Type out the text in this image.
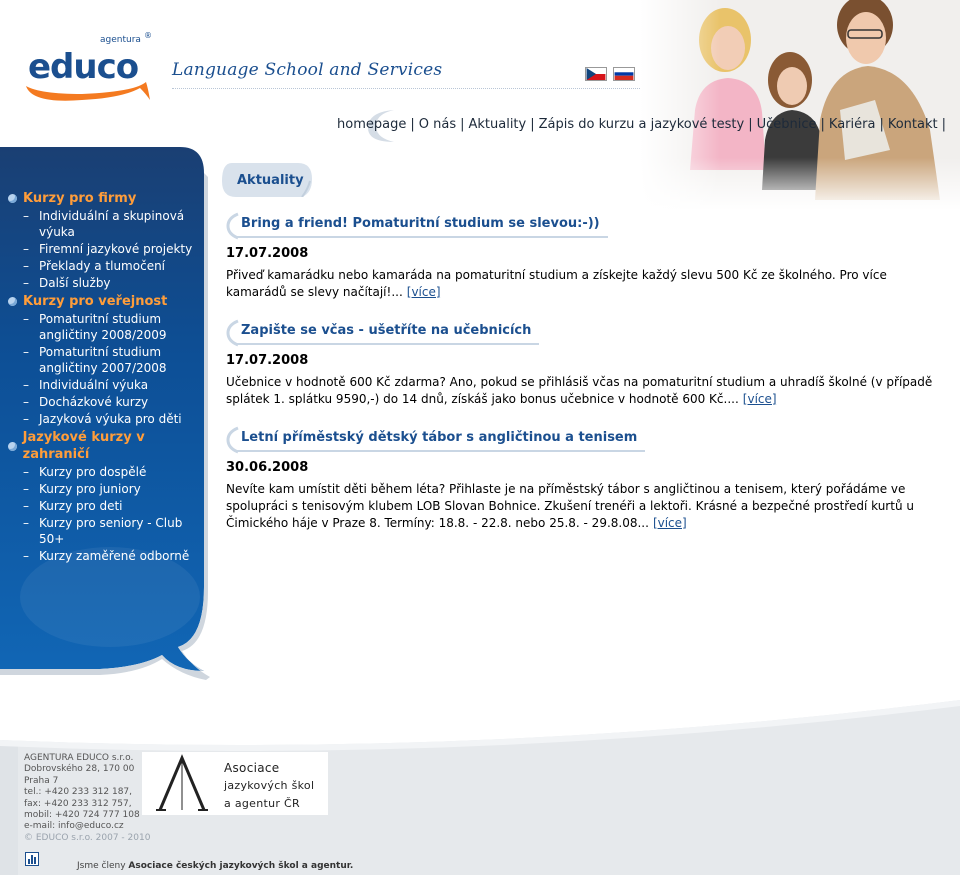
agentura
educo
®
Language School and Services
homepage | O nás | Aktuality | Zápis do kurzu a jazykové testy | Učebnice | Kariéra | Kontakt |
Kurzy pro firmy
– Individuální a skupinová výuka
– Firemní jazykové projekty
– Překlady a tlumočení
– Další služby
Kurzy pro veřejnost
– Pomaturitní studium angličtiny 2008/2009
– Pomaturitní studium angličtiny 2007/2008
– Individuální výuka
– Docházkové kurzy
– Jazyková výuka pro děti
Jazykové kurzy v zahraničí
– Kurzy pro dospělé
– Kurzy pro juniory
– Kurzy pro deti
– Kurzy pro seniory - Club 50+
– Kurzy zaměřené odborně
Aktuality
Bring a friend! Pomaturitní studium se slevou:-))
17.07.2008
Přiveď kamarádku nebo kamaráda na pomaturitní studium a získejte každý slevu 500 Kč ze školného. Pro více kamarádů se slevy načítají!... [více]
Zapište se včas - ušetříte na učebnicích
17.07.2008
Učebnice v hodnotě 600 Kč zdarma? Ano, pokud se přihlásiš včas na pomaturitní studium a uhradíš školné (v případě splátek 1. splátku 9590,-) do 14 dnů, získáš jako bonus učebnice v hodnotě 600 Kč.... [více]
Letní příměstský dětský tábor s angličtinou a tenisem
30.06.2008
Nevíte kam umístit děti během léta? Přihlaste je na příměstský tábor s angličtinou a tenisem, který pořádáme ve spolupráci s tenisovým klubem LOB Slovan Bohnice. Zkušení trenéři a lektoři. Krásné a bezpečné prostředí kurtů u Čimického háje v Praze 8. Termíny: 18.8. - 22.8. nebo 25.8. - 29.8.08... [více]
AGENTURA EDUCO s.r.o.
Dobrovského 28, 170 00
Praha 7
tel.: +420 233 312 187,
fax: +420 233 312 757,
mobil: +420 724 777 108
e-mail: info@educo.cz
© EDUCO s.r.o. 2007 - 2010
Asociace
jazykových škol
a agentur ČR
Jsme členy Asociace českých jazykových škol a agentur.
